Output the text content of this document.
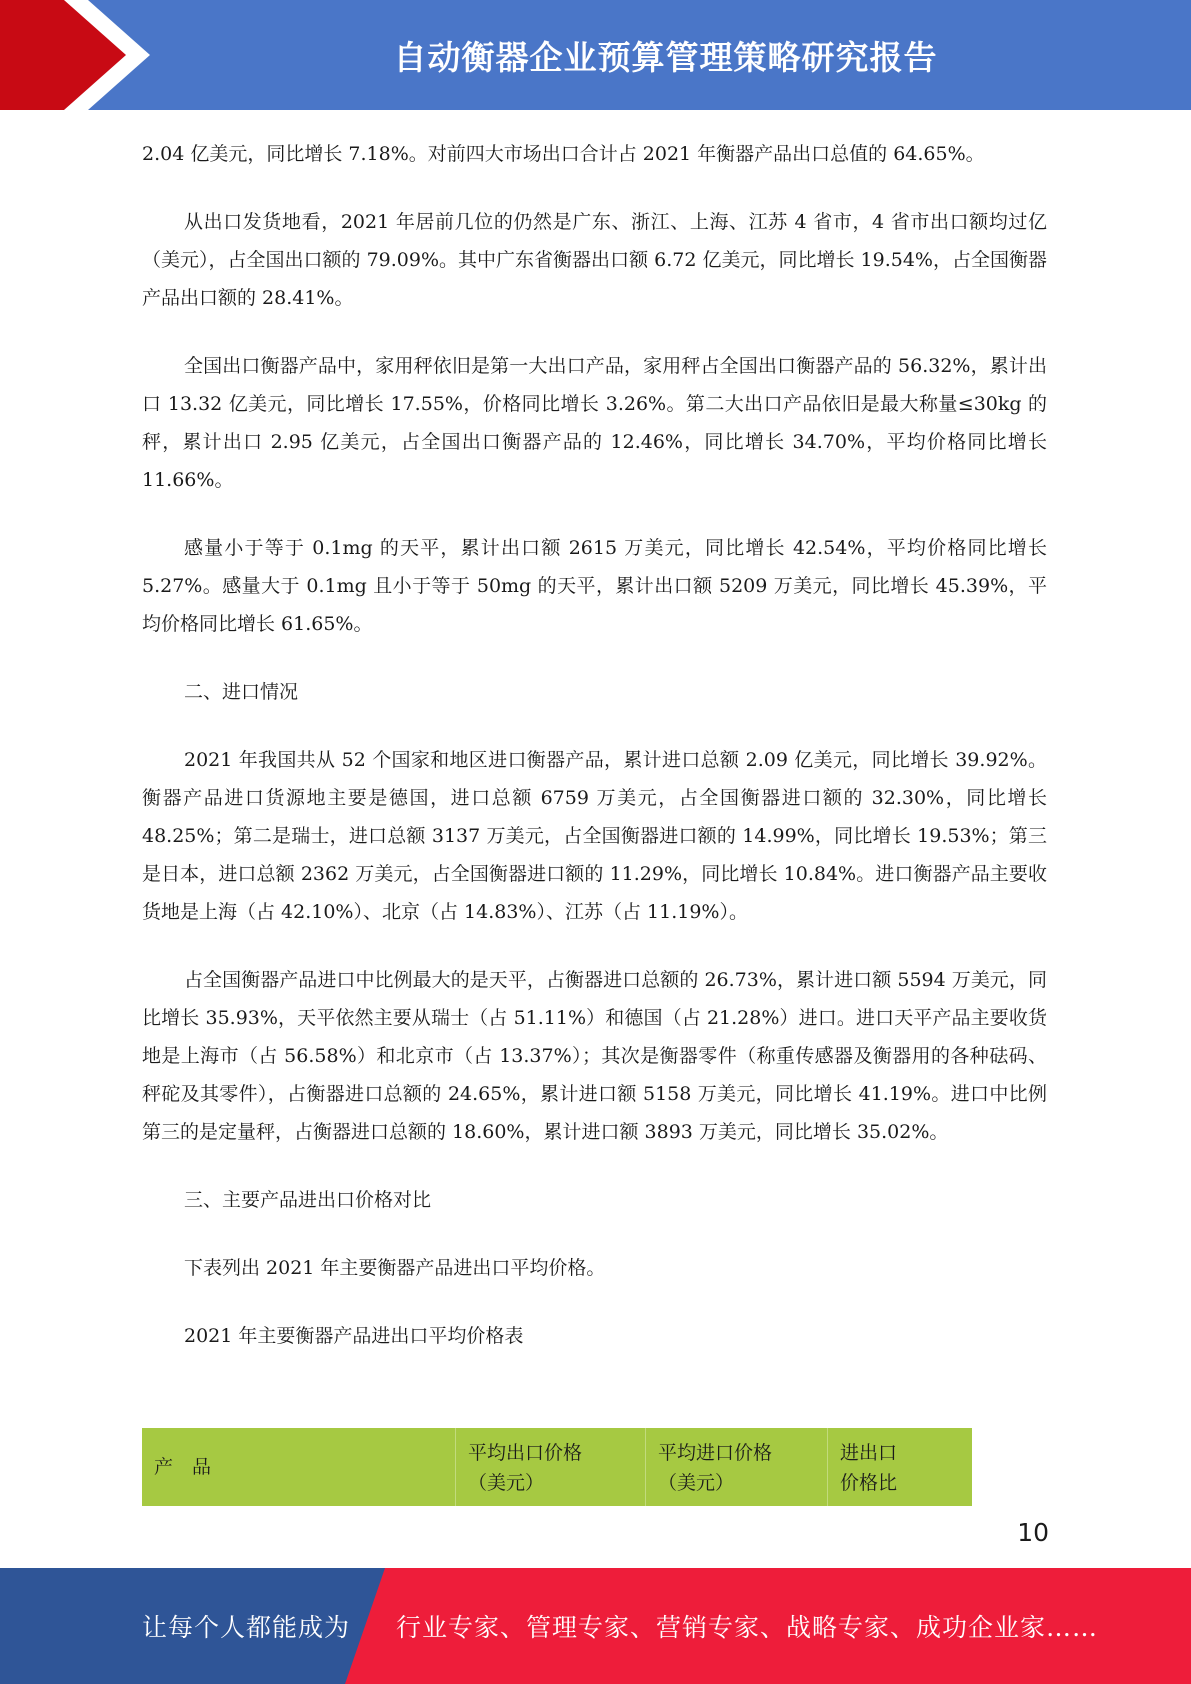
自动衡器企业预算管理策略研究报告

2.04 亿美元，同比增长 7.18%。对前四大市场出口合计占 2021 年衡器产品出口总值的 64.65%。

从出口发货地看，2021 年居前几位的仍然是广东、浙江、上海、江苏 4 省市，4 省市出口额均过亿（美元），占全国出口额的 79.09%。其中广东省衡器出口额 6.72 亿美元，同比增长 19.54%，占全国衡器产品出口额的 28.41%。

全国出口衡器产品中，家用秤依旧是第一大出口产品，家用秤占全国出口衡器产品的 56.32%，累计出口 13.32 亿美元，同比增长 17.55%，价格同比增长 3.26%。第二大出口产品依旧是最大称量≤30kg 的秤，累计出口 2.95 亿美元，占全国出口衡器产品的 12.46%，同比增长 34.70%，平均价格同比增长 11.66%。

感量小于等于 0.1mg 的天平，累计出口额 2615 万美元，同比增长 42.54%，平均价格同比增长 5.27%。感量大于 0.1mg 且小于等于 50mg 的天平，累计出口额 5209 万美元，同比增长 45.39%，平均价格同比增长 61.65%。

二、进口情况

2021 年我国共从 52 个国家和地区进口衡器产品，累计进口总额 2.09 亿美元，同比增长 39.92%。衡器产品进口货源地主要是德国，进口总额 6759 万美元，占全国衡器进口额的 32.30%，同比增长 48.25%；第二是瑞士，进口总额 3137 万美元，占全国衡器进口额的 14.99%，同比增长 19.53%；第三是日本，进口总额 2362 万美元，占全国衡器进口额的 11.29%，同比增长 10.84%。进口衡器产品主要收货地是上海（占 42.10%）、北京（占 14.83%）、江苏（占 11.19%）。

占全国衡器产品进口中比例最大的是天平，占衡器进口总额的 26.73%，累计进口额 5594 万美元，同比增长 35.93%，天平依然主要从瑞士（占 51.11%）和德国（占 21.28%）进口。进口天平产品主要收货地是上海市（占 56.58%）和北京市（占 13.37%）；其次是衡器零件（称重传感器及衡器用的各种砝码、秤砣及其零件），占衡器进口总额的 24.65%，累计进口额 5158 万美元，同比增长 41.19%。进口中比例第三的是定量秤，占衡器进口总额的 18.60%，累计进口额 3893 万美元，同比增长 35.02%。

三、主要产品进出口价格对比

下表列出 2021 年主要衡器产品进出口平均价格。

2021 年主要衡器产品进出口平均价格表

产　品
平均出口价格
（美元）
平均进口价格
（美元）
进出口
价格比
10
让每个人都能成为 行业专家、管理专家、营销专家、战略专家、成功企业家……
